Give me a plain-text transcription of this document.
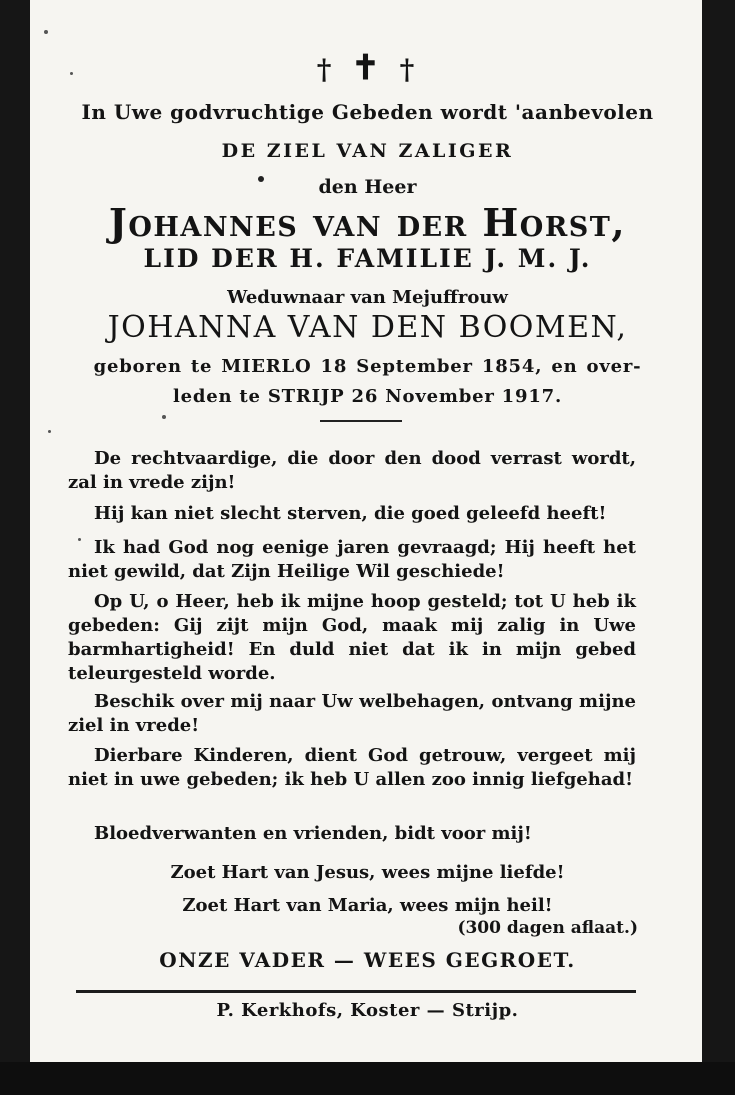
† ✝ †
In Uwe godvruchtige Gebeden wordt 'aanbevolen
DE ZIEL VAN ZALIGER
den Heer
Johannes van der Horst,
LID DER H. FAMILIE J. M. J.
Weduwnaar van Mejuffrouw
JOHANNA VAN DEN BOOMEN,
geboren te MIERLO 18 September 1854, en over-
leden te STRIJP 26 November 1917.
De rechtvaardige, die door den dood verrast wordt, zal in vrede zijn!
Hij kan niet slecht sterven, die goed geleefd heeft!
Ik had God nog eenige jaren gevraagd; Hij heeft het niet gewild, dat Zijn Heilige Wil geschiede!
Op U, o Heer, heb ik mijne hoop gesteld; tot U heb ik gebeden: Gij zijt mijn God, maak mij zalig in Uwe barmhartigheid! En duld niet dat ik in mijn gebed teleurgesteld worde.
Beschik over mij naar Uw welbehagen, ontvang mijne ziel in vrede!
Dierbare Kinderen, dient God getrouw, vergeet mij niet in uwe gebeden; ik heb U allen zoo innig liefgehad!
Bloedverwanten en vrienden, bidt voor mij!
Zoet Hart van Jesus, wees mijne liefde!
Zoet Hart van Maria, wees mijn heil!
(300 dagen aflaat.)
ONZE VADER — WEES GEGROET.
P. Kerkhofs, Koster — Strijp.
